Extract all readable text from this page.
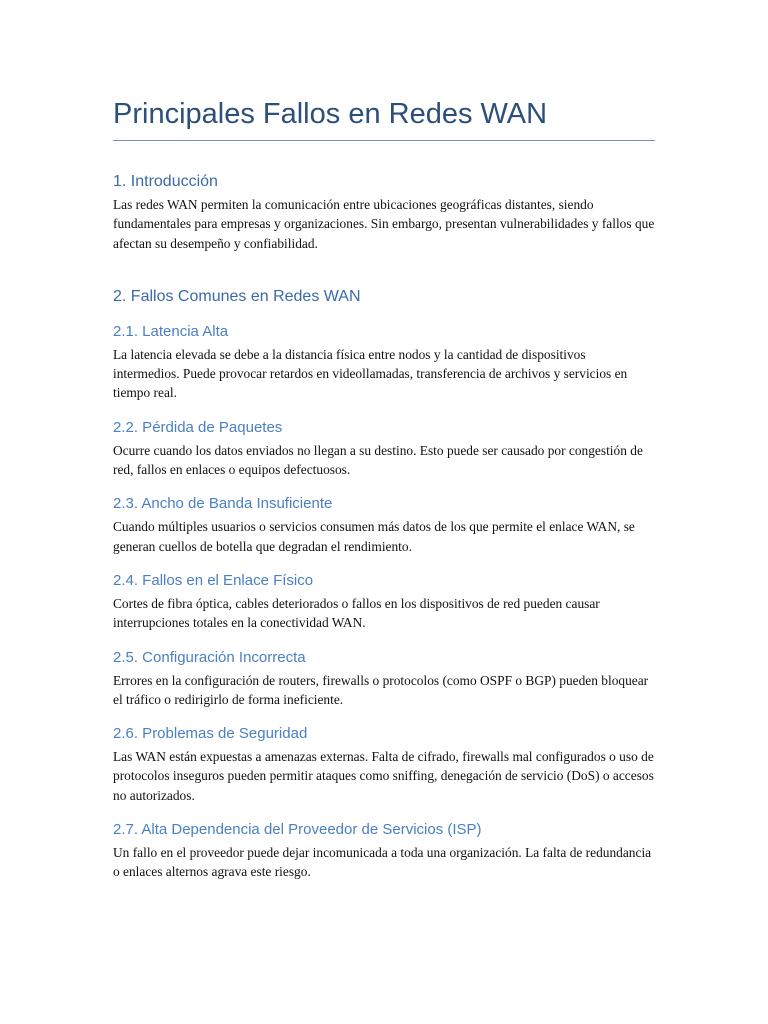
Principales Fallos en Redes WAN
1. Introducción

Las redes WAN permiten la comunicación entre ubicaciones geográficas distantes, siendo fundamentales para empresas y organizaciones. Sin embargo, presentan vulnerabilidades y fallos que afectan su desempeño y confiabilidad.

2. Fallos Comunes en Redes WAN
2.1. Latencia Alta

La latencia elevada se debe a la distancia física entre nodos y la cantidad de dispositivos intermedios. Puede provocar retardos en videollamadas, transferencia de archivos y servicios en tiempo real.

2.2. Pérdida de Paquetes

Ocurre cuando los datos enviados no llegan a su destino. Esto puede ser causado por congestión de red, fallos en enlaces o equipos defectuosos.

2.3. Ancho de Banda Insuficiente

Cuando múltiples usuarios o servicios consumen más datos de los que permite el enlace WAN, se generan cuellos de botella que degradan el rendimiento.

2.4. Fallos en el Enlace Físico

Cortes de fibra óptica, cables deteriorados o fallos en los dispositivos de red pueden causar interrupciones totales en la conectividad WAN.

2.5. Configuración Incorrecta

Errores en la configuración de routers, firewalls o protocolos (como OSPF o BGP) pueden bloquear el tráfico o redirigirlo de forma ineficiente.

2.6. Problemas de Seguridad

Las WAN están expuestas a amenazas externas. Falta de cifrado, firewalls mal configurados o uso de protocolos inseguros pueden permitir ataques como sniffing, denegación de servicio (DoS) o accesos no autorizados.

2.7. Alta Dependencia del Proveedor de Servicios (ISP)

Un fallo en el proveedor puede dejar incomunicada a toda una organización. La falta de redundancia o enlaces alternos agrava este riesgo.
